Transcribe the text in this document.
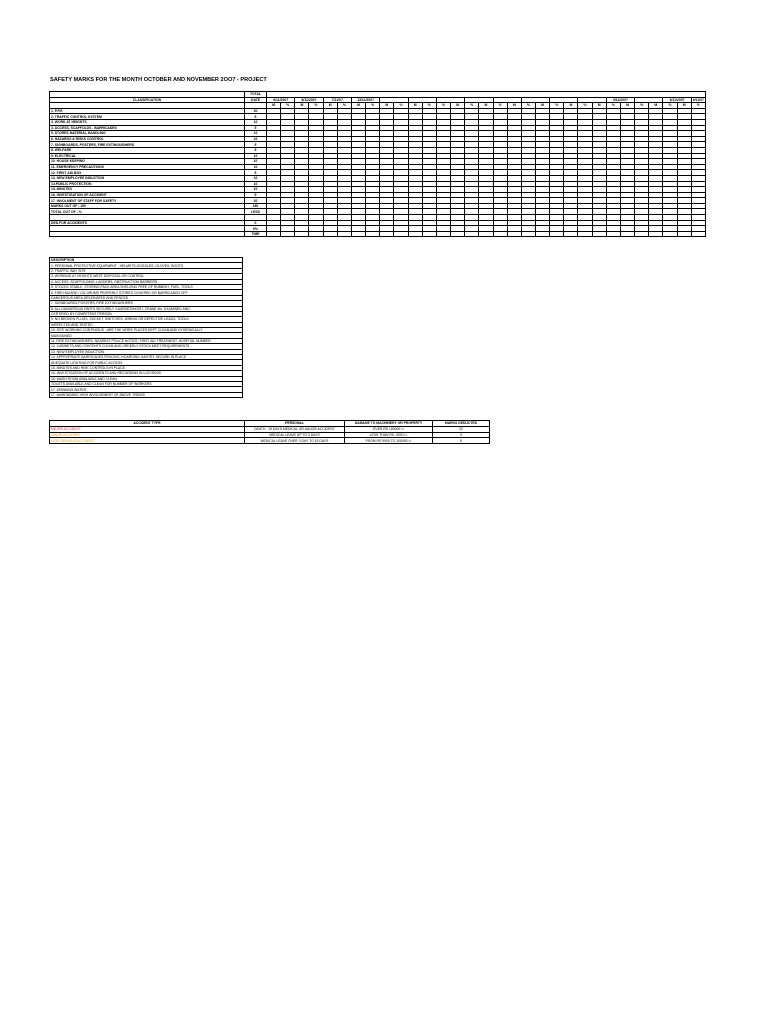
SAFETY MARKS FOR THE MONTH OCTOBER AND NOVEMBER 2OO7 - PROJECT
	TOTAL																															
CLASSIFICATION	DATE	6/11/2007		8/11/2007		7/11/07		13/11/2007																		9/11/2007				6/11/2007		9/11/07
		M	%	M	%	M	%	M	%	M	%	M	%	%	M	%	M	%	M	%	M	%	M	%	M	%	M	%	M	%	M	%
1. P.P.E	20																															
2. TRAFFIC CONTROL SYSTEM	5																															
3. WORK AT HEIGHTS	10																															
4. ACCESS, SCAFFOLDS , BARRICADES	5																															
5. STORES MATERIAL HANDLING	10																															
6. HAZARDS & RISKS CONTROL	10																															
7. SIGNBOARDS, POSTERS, FIRE EXTINGUISHERS	5																															
8. WELFARE	5																															
9. ELECTRICAL	10																															
10. HOUSE KEEPING	10																															
11. EMERGENCY PRECAUTIONS	10																															
12. FIRST AID BOX	5																															
13. NEW EMPLOYEE INDUCTION	10																															
14.PUBLIC PROTECTION	10																															
15. MINUTES	10																															
16. INVESTIGATION OF ACCIDENT	5																															
17. INVOLMENT OF STAFF FOR SAFETY	20																															
MARKS OUT OF : 160	160																															
TOTAL OUT OF - %	LESS																															

DED.FOR ACCIDENTS	0																															
	0%																															
	TIME																															
DESCRIPTION
1. PERSONAL PROTECTIVE EQUIPMENT : HELMETS,GOGGLES, GLOVES, BOOTS
2. TRAFFIC WAY SITE
3. WORKING AT HEIGHTS WEST DISPOSAL OR CONTROL
4. ACCESS, SCAFFOLDING, LADDERS, OBSTRUCTION BARRIERS
5. STOCKS STABLE, STORING PACK AREA SHELVING FREE OF RUBBISH, FUEL, TOOLS
6. FIRE HAZARD / OIL DRUMS PROPERLY STORED COVERED OR BARRICADED OFF
DANGEROUS AREA DESIGNATED AND FENCED
7. SIGNBOARDS,POSTERS, FIRE EXTINGUISHERS
8. ALL DANGEROUS PARTS SECURELY GUARDED/HOIST, CRANE etc. EXAMINED AND
CERTIFIED BY COMPETENT PERSON
9. NO BROKEN PLUGS, SOCKET, SWITCHES, WIRING OR DEFECTIVE LEADS, TOOLS
INSPECTED AND TESTED
10. SITE WORKING CONTINIOUS - ARE THE WORK PLACES KEPT CLEAN AND HYGIENICALLY
MAINTAINED
11. FIRE EXTINGUISHERS, NEAREST POLICE NOTICE, FIRST AID TREATMENT, HOSPITAL NUMBER
12. CABINETS AND CONTENTS CLEAN AND ORDERLY STOCK MEET REQUIREMENTS
13. NEW EMPLOYEE INDUCTION
14. APPROPRIATE BARRICADES,FENCING, HOARDING GANTRY SECURE IN PLACE
ADEQUATE LIGHTING FOR PUBLIC ACCESS
15. MINUTES AND RISK CONTROLS IN PLACE
16. INVESTIGATION OF ACCIDENTS AND RECORDING IN LOG BOOK
16. WASH ROOM AVAILABLE AND CLEAN
TOILETS AVAILABLE AND CLEAN FOR NUMBER OF WORKERS
17. DRINKING WATER
17. MAINTAINING HIGH INVOLVEMENT OF ABOVE THINGS
ACCIDENT TYPE	PERSONAL	DAMAGE TO MACHINERY OR PROPERTY	MARKS DEDUCTED
MAJOR ACCIDENT	DEATH , 15 DAYS MEDICAL OR MAJOR ACCIDENT	OVER RS 100000 /=	20
MINOR ACCIDENT	MEDICAL LEAVE UP TO 3 DAYS	LESS THAN RS. 5000 /=	3
LESS SERIOUS ACCIDENT	MEDICAL LEAVE OVER 3 DAY TO 15 DAYS	FROM RS 5000 TO 100000 /=	5
